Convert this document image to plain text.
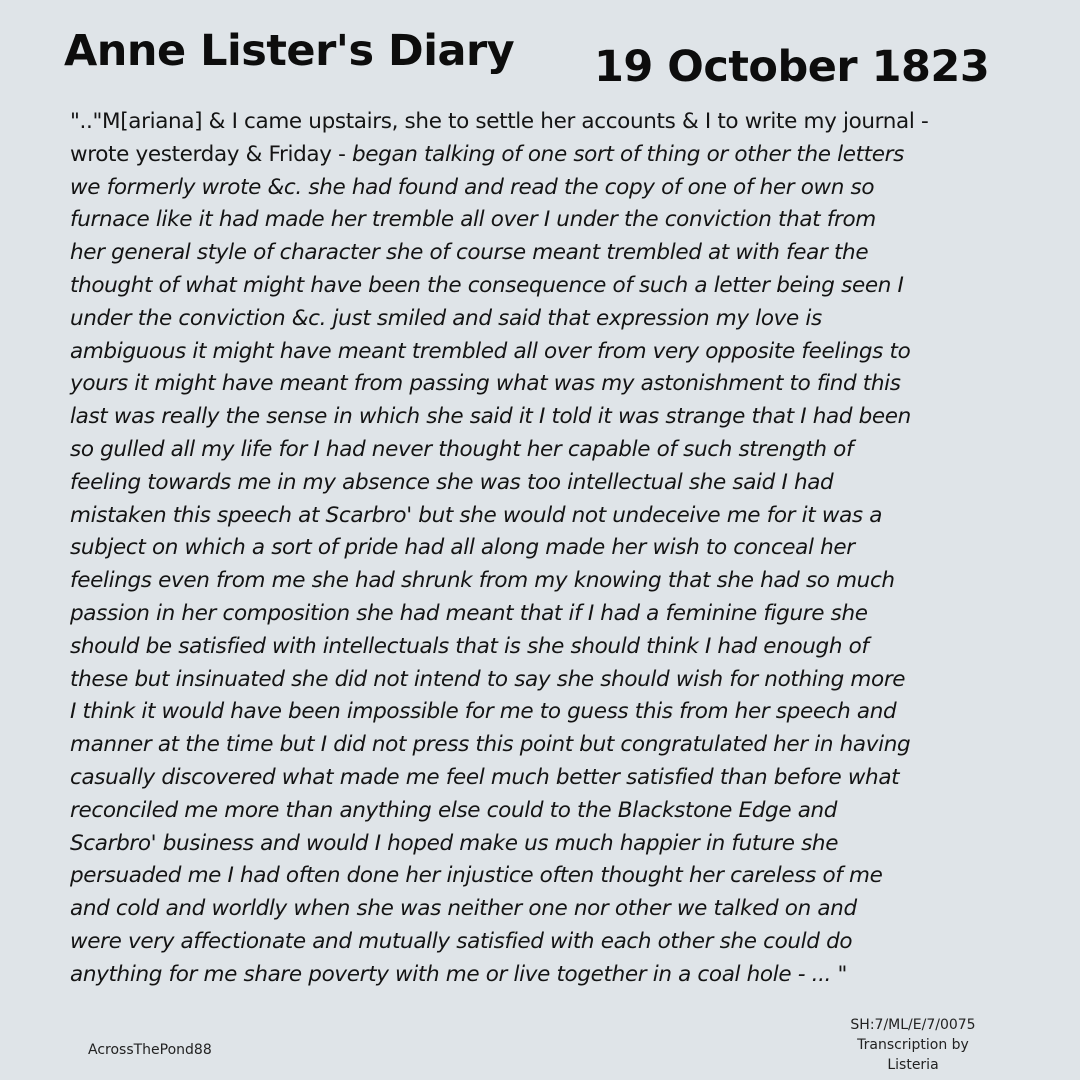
Anne Lister's Diary 19 October 1823
".."M[ariana] & I came upstairs, she to settle her accounts & I to write my journal -
wrote yesterday & Friday - began talking of one sort of thing or other the letters
we formerly wrote &c. she had found and read the copy of one of her own so
furnace like it had made her tremble all over I under the conviction that from
her general style of character she of course meant trembled at with fear the
thought of what might have been the consequence of such a letter being seen I
under the conviction &c. just smiled and said that expression my love is
ambiguous it might have meant trembled all over from very opposite feelings to
yours it might have meant from passing what was my astonishment to find this
last was really the sense in which she said it I told it was strange that I had been
so gulled all my life for I had never thought her capable of such strength of
feeling towards me in my absence she was too intellectual she said I had
mistaken this speech at Scarbro' but she would not undeceive me for it was a
subject on which a sort of pride had all along made her wish to conceal her
feelings even from me she had shrunk from my knowing that she had so much
passion in her composition she had meant that if I had a feminine figure she
should be satisfied with intellectuals that is she should think I had enough of
these but insinuated she did not intend to say she should wish for nothing more
I think it would have been impossible for me to guess this from her speech and
manner at the time but I did not press this point but congratulated her in having
casually discovered what made me feel much better satisfied than before what
reconciled me more than anything else could to the Blackstone Edge and
Scarbro' business and would I hoped make us much happier in future she
persuaded me I had often done her injustice often thought her careless of me
and cold and worldly when she was neither one nor other we talked on and
were very affectionate and mutually satisfied with each other she could do
anything for me share poverty with me or live together in a coal hole - ... "
AcrossThePond88
SH:7/ML/E/7/0075
Transcription by
Listeria
